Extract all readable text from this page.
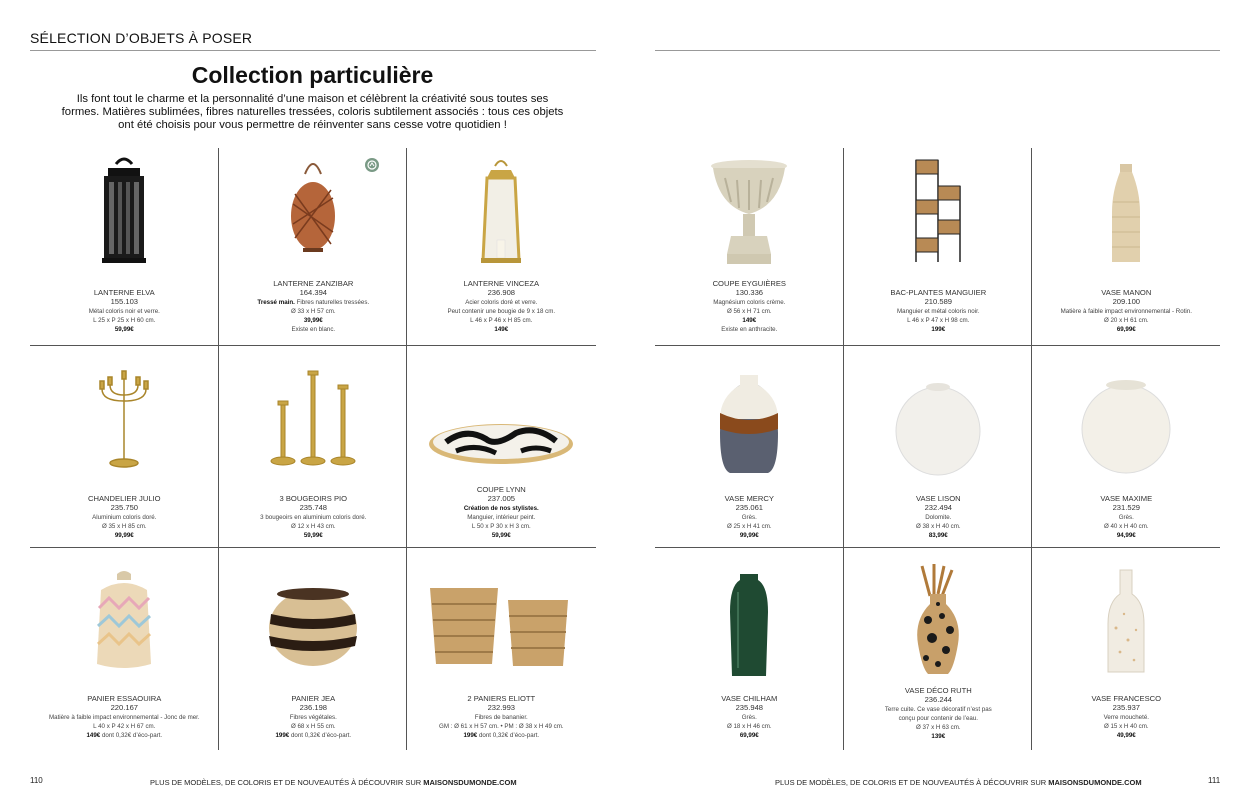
SÉLECTION D’OBJETS À POSER
Collection particulière
Ils font tout le charme et la personnalité d’une maison et célèbrent la créativité sous toutes ses formes. Matières sublimées, fibres naturelles tressées, coloris subtilement associés : tous ces objets ont été choisis pour vous permettre de réinventer sans cesse votre quotidien !
LANTERNE ELVA
155.103
Métal coloris noir et verre.
L 25 x P 25 x H 60 cm.
59,99€
LANTERNE ZANZIBAR
164.394
Tressé main. Fibres naturelles tressées.
Ø 33 x H 57 cm.
39,99€
Existe en blanc.
LANTERNE VINCEZA
236.908
Acier coloris doré et verre.
Peut contenir une bougie de 9 x 18 cm.
L 46 x P 46 x H 85 cm.
149€
CHANDELIER JULIO
235.750
Aluminium coloris doré.
Ø 35 x H 85 cm.
99,99€
3 BOUGEOIRS PIO
235.748
3 bougeoirs en aluminium coloris doré.
Ø 12 x H 43 cm.
59,99€
COUPE LYNN
237.005
Création de nos stylistes.
Manguier, intérieur peint.
L 50 x P 30 x H 3 cm.
59,99€
PANIER ESSAOUIRA
220.167
Matière à faible impact environnemental - Jonc de mer.
L 40 x P 42 x H 67 cm.
149€ dont 0,32€ d’éco-part.
PANIER JEA
236.198
Fibres végétales.
Ø 68 x H 55 cm.
199€ dont 0,32€ d’éco-part.
2 PANIERS ELIOTT
232.993
Fibres de bananier.
GM : Ø 61 x H 57 cm. • PM : Ø 38 x H 49 cm.
199€ dont 0,32€ d’éco-part.
COUPE EYGUIÈRES
130.336
Magnésium coloris crème.
Ø 56 x H 71 cm.
149€
Existe en anthracite.
BAC-PLANTES MANGUIER
210.589
Manguier et métal coloris noir.
L 46 x P 47 x H 98 cm.
199€
VASE MANON
209.100
Matière à faible impact environnemental - Rotin.
Ø 20 x H 61 cm.
69,99€
VASE MERCY
235.061
Grès.
Ø 25 x H 41 cm.
99,99€
VASE LISON
232.494
Dolomite.
Ø 38 x H 40 cm.
83,99€
VASE MAXIME
231.529
Grès.
Ø 40 x H 40 cm.
94,99€
VASE CHILHAM
235.948
Grès.
Ø 18 x H 46 cm.
69,99€
VASE DÉCO RUTH
236.244
Terre cuite. Ce vase décoratif n’est pas
conçu pour contenir de l’eau.
Ø 37 x H 63 cm.
139€
VASE FRANCESCO
235.937
Verre moucheté.
Ø 15 x H 40 cm.
49,99€
110	PLUS DE MODÈLES, DE COLORIS ET DE NOUVEAUTÉS À DÉCOUVRIR SUR MAISONSDUMONDE.COM	PLUS DE MODÈLES, DE COLORIS ET DE NOUVEAUTÉS À DÉCOUVRIR SUR MAISONSDUMONDE.COM	111
